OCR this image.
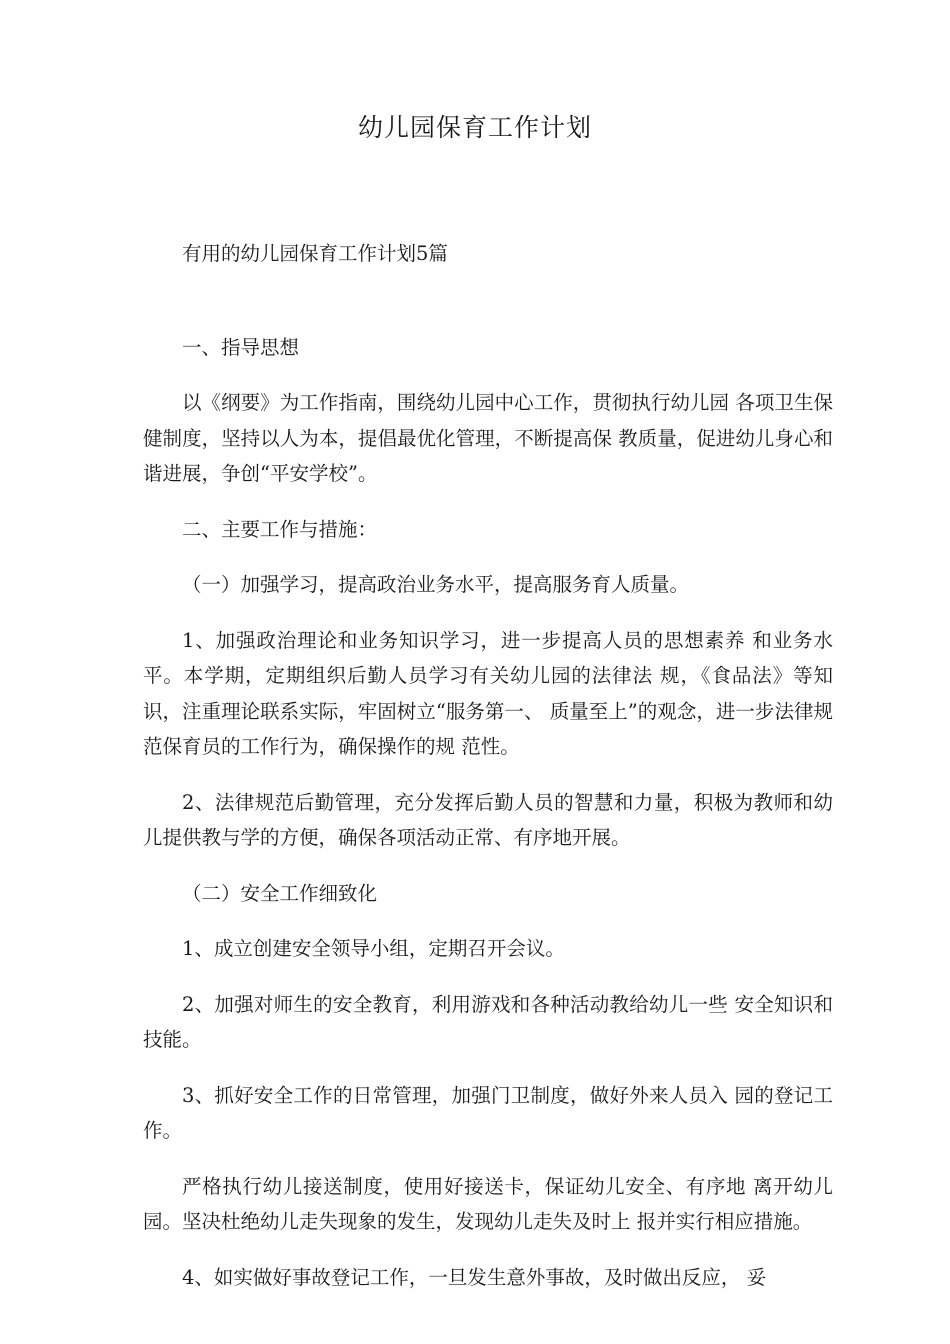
幼儿园保育工作计划
有用的幼儿园保育工作计划5篇
一、指导思想
以《纲要》为工作指南，围绕幼儿园中心工作，贯彻执行幼儿园 各项卫生保健制度，坚持以人为本，提倡最优化管理，不断提高保 教质量，促进幼儿身心和谐进展，争创“平安学校”。
二、主要工作与措施：
（一）加强学习，提高政治业务水平，提高服务育人质量。
1、加强政治理论和业务知识学习，进一步提高人员的思想素养 和业务水平。本学期，定期组织后勤人员学习有关幼儿园的法律法 规，《食品法》等知识，注重理论联系实际，牢固树立“服务第一、 质量至上”的观念，进一步法律规范保育员的工作行为，确保操作的规 范性。
2、法律规范后勤管理，充分发挥后勤人员的智慧和力量，积极为教师和幼儿提供教与学的方便，确保各项活动正常、有序地开展。
（二）安全工作细致化
1、成立创建安全领导小组，定期召开会议。
2、加强对师生的安全教育，利用游戏和各种活动教给幼儿一些 安全知识和技能。
3、抓好安全工作的日常管理，加强门卫制度，做好外来人员入 园的登记工作。
严格执行幼儿接送制度，使用好接送卡，保证幼儿安全、有序地 离开幼儿园。坚决杜绝幼儿走失现象的发生，发现幼儿走失及时上 报并实行相应措施。
4、如实做好事故登记工作，一旦发生意外事故，及时做出反应， 妥
